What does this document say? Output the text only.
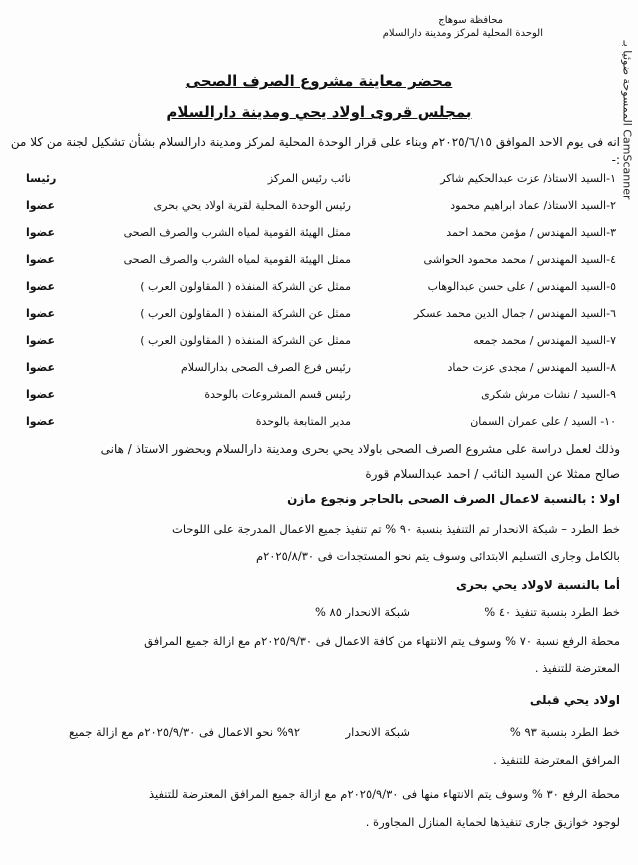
محافظة سوهاج
الوحدة المحلية لمركز ومدينة دارالسلام
CamScanner الممسوحة ضوئيا بـ
محضر معاينة مشروع الصرف الصحى
بمجلس قروى اولاد يحي ومدينة دارالسلام
انه فى يوم الاحد الموافق ٢٠٢٥/٦/١٥م وبناء على قرار الوحدة المحلية لمركز ومدينة دارالسلام بشأن تشكيل لجنة من كلا من :-
١-السيد الاستاذ/ عزت عبدالحكيم شاكر
نائب رئيس المركز
رئيسا
٢-السيد الاستاذ/ عماد ابراهيم محمود
رئيس الوحدة المحلية لقرية اولاد يحي بحرى
عضوا
٣-السيد المهندس / مؤمن محمد احمد
ممثل الهيئة القومية لمياه الشرب والصرف الصحى
عضوا
٤-السيد المهندس / محمد محمود الحواشى
ممثل الهيئة القومية لمياه الشرب والصرف الصحى
عضوا
٥-السيد المهندس / على حسن عبدالوهاب
ممثل عن الشركة المنفذه ( المقاولون العرب )
عضوا
٦-السيد المهندس / جمال الدين محمد عسكر
ممثل عن الشركة المنفذه ( المقاولون العرب )
عضوا
٧-السيد المهندس / محمد جمعه
ممثل عن الشركة المنفذه ( المقاولون العرب )
عضوا
٨-السيد المهندس / مجدى عزت حماد
رئيس فرع الصرف الصحى بدارالسلام
عضوا
٩-السيد / نشات مرش شكرى
رئيس قسم المشروعات بالوحدة
عضوا
١٠- السيد / على عمران السمان
مدير المتابعة بالوحدة
عضوا
وذلك لعمل دراسة على مشروع الصرف الصحى باولاد يحي بحرى ومدينة دارالسلام وبحضور الاستاذ / هانى
صالح ممثلا عن السيد النائب / احمد عبدالسلام قورة
اولا : بالنسبة لاعمال الصرف الصحى بالحاجر ونجوع مازن
خط الطرد – شبكة الانحدار تم التنفيذ بنسبة ٩٠ % تم تنفيذ جميع الاعمال المدرجة على اللوحات
بالكامل وجارى التسليم الابتدائى وسوف يتم نحو المستجدات فى ٢٠٢٥/٨/٣٠م
أما بالنسبة لاولاد يحي بحرى
خط الطرد بنسبة تنفيذ ٤٠ %
شبكة الانحدار ٨٥ %
محطة الرفع نسبة ٧٠ % وسوف يتم الانتهاء من كافة الاعمال فى ٢٠٢٥/٩/٣٠م مع ازالة جميع المرافق
المعترضة للتنفيذ .
اولاد يحي قبلى
خط الطرد بنسبة ٩٣ %
شبكة الانحدار
٩٢% نحو الاعمال فى ٢٠٢٥/٩/٣٠م مع ازالة جميع
المرافق المعترضة للتنفيذ .
محطة الرفع ٣٠ % وسوف يتم الانتهاء منها فى ٢٠٢٥/٩/٣٠م مع ازالة جميع المرافق المعترضة للتنفيذ
لوجود خوازيق جارى تنفيذها لحماية المنازل المجاورة .
